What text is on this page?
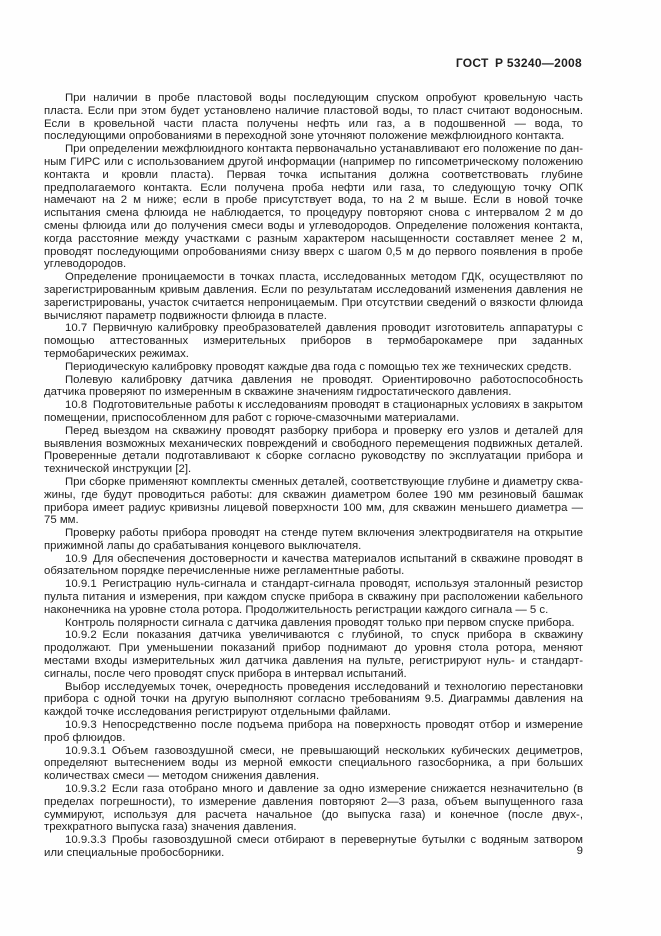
ГОСТ Р 53240—2008

При наличии в пробе пластовой воды последующим спуском опробуют кровельную часть пласта. Если при этом будет установлено наличие пластовой воды, то пласт считают водоносным. Если в кровельной части пласта получены нефть или газ, а в подошвенной — вода, то последующими опробованиями в переходной зоне уточняют положение межфлюидного контакта.

При определении межфлюидного контакта первоначально устанавливают его положение по данным ГИРС или с использованием другой информации (например по гипсометрическому положению контакта и кровли пласта). Первая точка испытания должна соответствовать глубине предполагаемого контакта. Если получена проба нефти или газа, то следующую точку ОПК намечают на 2 м ниже; если в пробе присутствует вода, то на 2 м выше. Если в новой точке испытания смена флюида не наблюдается, то процедуру повторяют снова с интервалом 2 м до смены флюида или до получения смеси воды и углеводородов. Определение положения контакта, когда расстояние между участками с разным характером насыщенности составляет менее 2 м, проводят последующими опробованиями снизу вверх с шагом 0,5 м до первого появления в пробе углеводородов.

Определение проницаемости в точках пласта, исследованных методом ГДК, осуществляют по зарегистрированным кривым давления. Если по результатам исследований изменения давления не зарегистрированы, участок считается непроницаемым. При отсутствии сведений о вязкости флюида вычисляют параметр подвижности флюида в пласте.

10.7 Первичную калибровку преобразователей давления проводит изготовитель аппаратуры с помощью аттестованных измерительных приборов в термобарокамере при заданных термобарических режимах.

Периодическую калибровку проводят каждые два года с помощью тех же технических средств.

Полевую калибровку датчика давления не проводят. Ориентировочно работоспособность датчика проверяют по измеренным в скважине значениям гидростатического давления.

10.8 Подготовительные работы к исследованиям проводят в стационарных условиях в закрытом помещении, приспособленном для работ с горюче-смазочными материалами.

Перед выездом на скважину проводят разборку прибора и проверку его узлов и деталей для выявления возможных механических повреждений и свободного перемещения подвижных деталей. Проверенные детали подготавливают к сборке согласно руководству по эксплуатации прибора и технической инструкции [2].

При сборке применяют комплекты сменных деталей, соответствующие глубине и диаметру скважины, где будут проводиться работы: для скважин диаметром более 190 мм резиновый башмак прибора имеет радиус кривизны лицевой поверхности 100 мм, для скважин меньшего диаметра — 75 мм.

Проверку работы прибора проводят на стенде путем включения электродвигателя на открытие прижимной лапы до срабатывания концевого выключателя.

10.9 Для обеспечения достоверности и качества материалов испытаний в скважине проводят в обязательном порядке перечисленные ниже регламентные работы.

10.9.1 Регистрацию нуль-сигнала и стандарт-сигнала проводят, используя эталонный резистор пульта питания и измерения, при каждом спуске прибора в скважину при расположении кабельного наконечника на уровне стола ротора. Продолжительность регистрации каждого сигнала — 5 с.

Контроль полярности сигнала с датчика давления проводят только при первом спуске прибора.

10.9.2 Если показания датчика увеличиваются с глубиной, то спуск прибора в скважину продолжают. При уменьшении показаний прибор поднимают до уровня стола ротора, меняют местами входы измерительных жил датчика давления на пульте, регистрируют нуль- и стандарт-сигналы, после чего проводят спуск прибора в интервал испытаний.

Выбор исследуемых точек, очередность проведения исследований и технологию перестановки прибора с одной точки на другую выполняют согласно требованиям 9.5. Диаграммы давления на каждой точке исследования регистрируют отдельными файлами.

10.9.3 Непосредственно после подъема прибора на поверхность проводят отбор и измерение проб флюидов.

10.9.3.1 Объем газовоздушной смеси, не превышающий нескольких кубических дециметров, определяют вытеснением воды из мерной емкости специального газосборника, а при больших количествах смеси — методом снижения давления.

10.9.3.2 Если газа отобрано много и давление за одно измерение снижается незначительно (в пределах погрешности), то измерение давления повторяют 2—3 раза, объем выпущенного газа суммируют, используя для расчета начальное (до выпуска газа) и конечное (после двух-, трехкратного выпуска газа) значения давления.

10.9.3.3 Пробы газовоздушной смеси отбирают в перевернутые бутылки с водяным затвором или специальные пробосборники.	9
